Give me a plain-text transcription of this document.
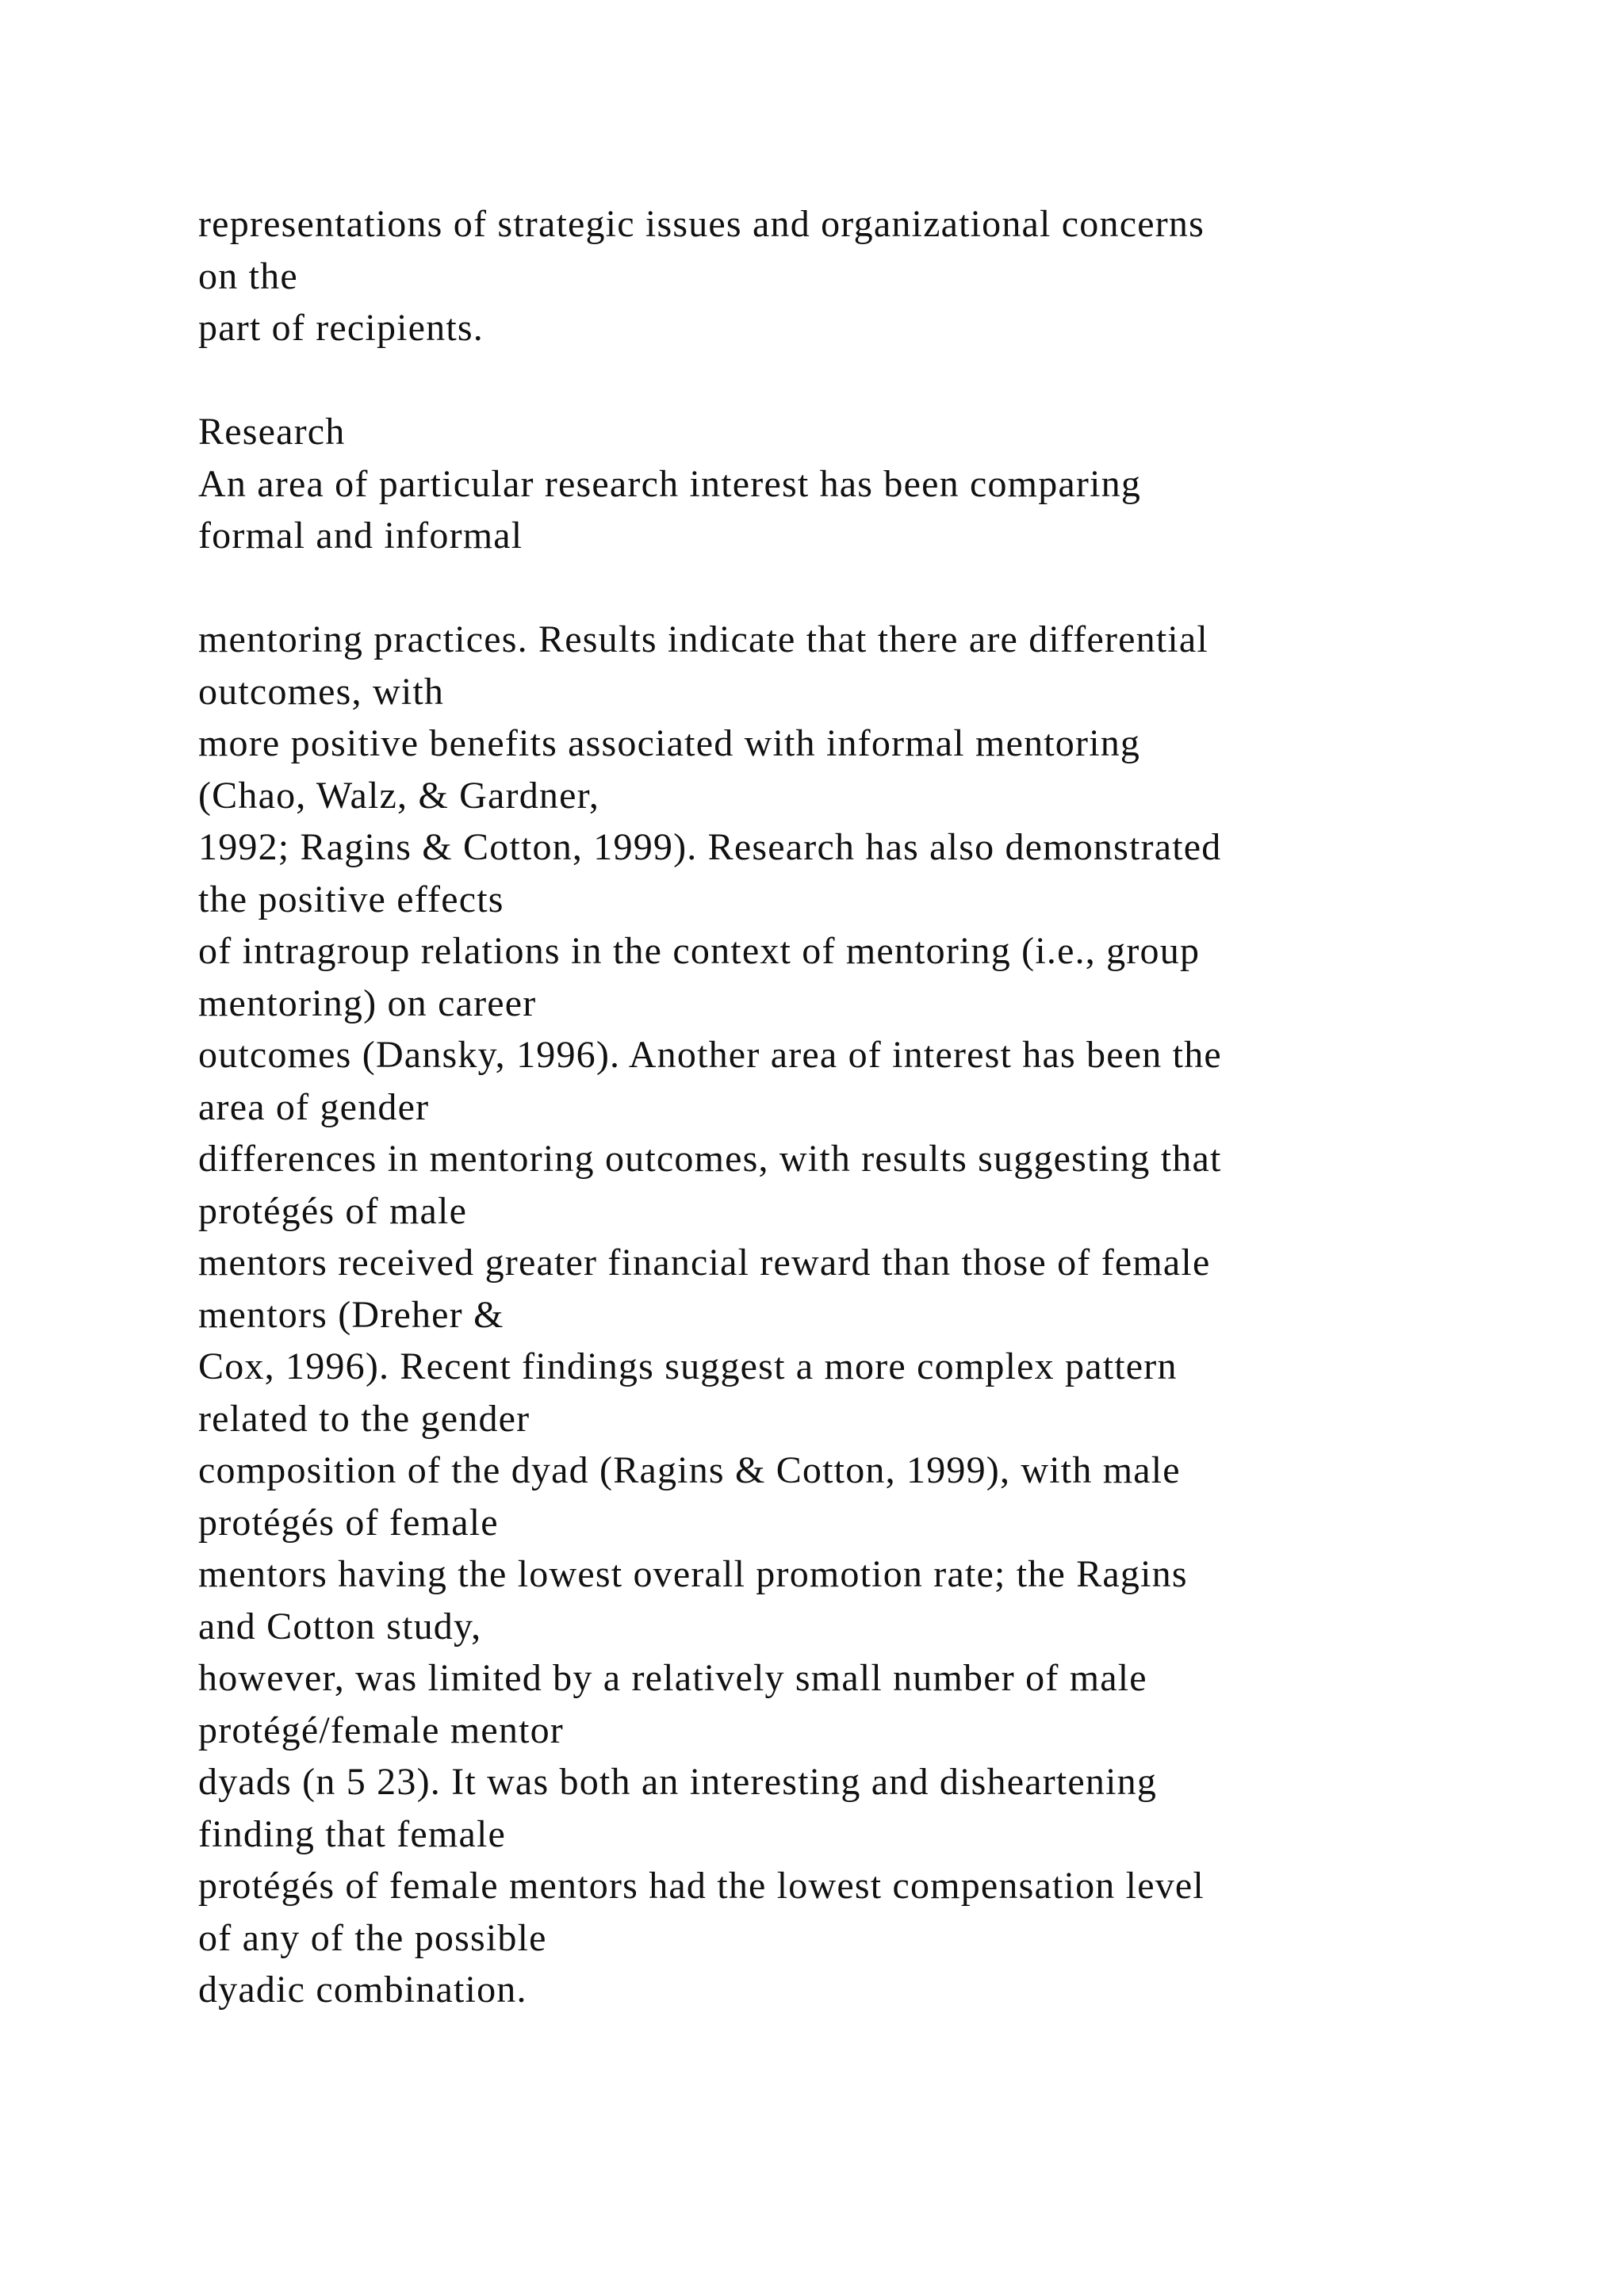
representations of strategic issues and organizational concerns
on the
part of recipients.
Research
An area of particular research interest has been comparing
formal and informal
mentoring practices. Results indicate that there are differential
outcomes, with
more positive benefits associated with informal mentoring
(Chao, Walz, & Gardner,
1992; Ragins & Cotton, 1999). Research has also demonstrated
the positive effects
of intragroup relations in the context of mentoring (i.e., group
mentoring) on career
outcomes (Dansky, 1996). Another area of interest has been the
area of gender
differences in mentoring outcomes, with results suggesting that
protégés of male
mentors received greater financial reward than those of female
mentors (Dreher &
Cox, 1996). Recent findings suggest a more complex pattern
related to the gender
composition of the dyad (Ragins & Cotton, 1999), with male
protégés of female
mentors having the lowest overall promotion rate; the Ragins
and Cotton study,
however, was limited by a relatively small number of male
protégé/female mentor
dyads (n 5 23). It was both an interesting and disheartening
finding that female
protégés of female mentors had the lowest compensation level
of any of the possible
dyadic combination.
